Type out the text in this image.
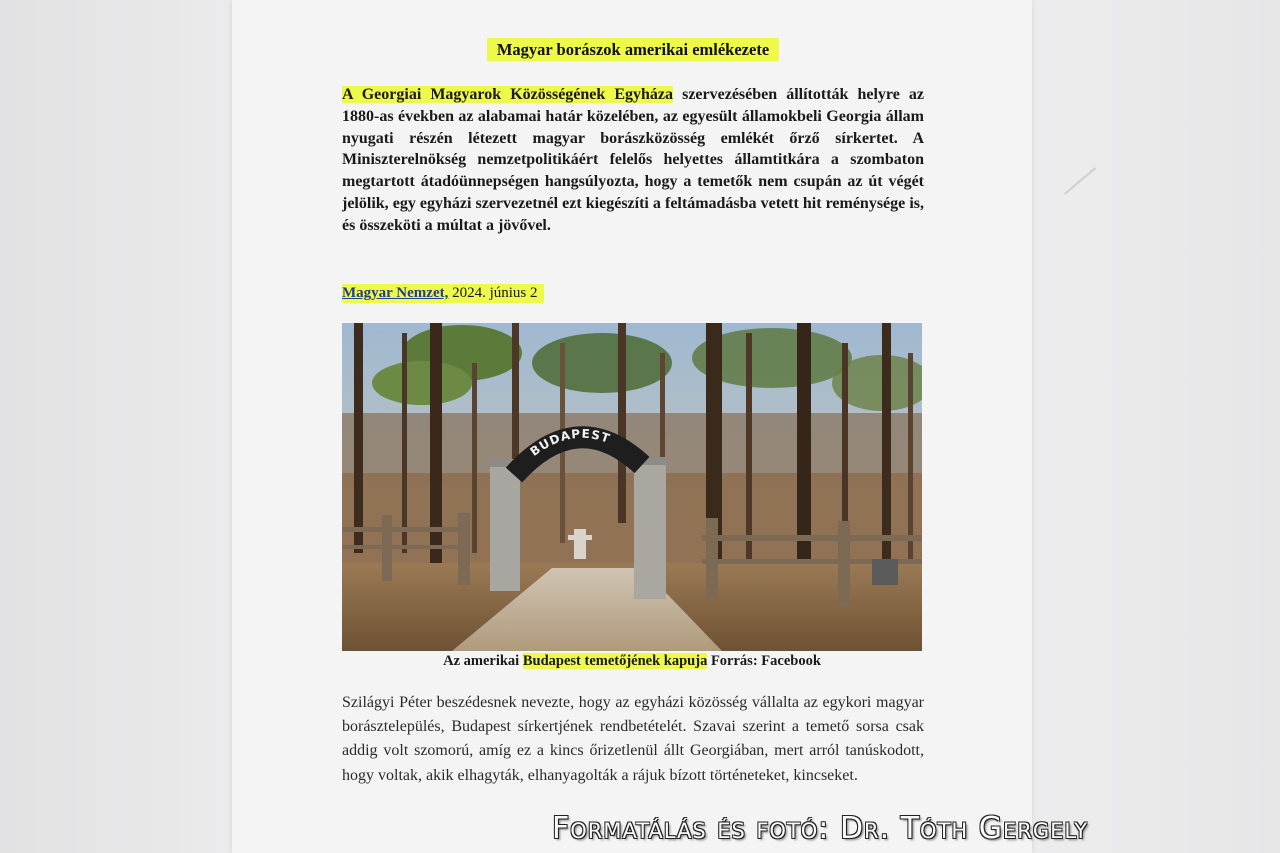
Magyar borászok amerikai emlékezete

A Georgiai Magyarok Közösségének Egyháza szervezésében állították helyre az 1880-as években az alabamai határ közelében, az egyesült államokbeli Georgia állam nyugati részén létezett magyar borászközösség emlékét őrző sírkertet. A Miniszterelnökség nemzetpolitikáért felelős helyettes államtitkára a szombaton megtartott átadóünnepségen hangsúlyozta, hogy a temetők nem csupán az út végét jelölik, egy egyházi szervezetnél ezt kiegészíti a feltámadásba vetett hit reménysége is, és összeköti a múltat a jövővel.

Magyar Nemzet, 2024. június 2
BUDAPEST
Az amerikai Budapest temetőjének kapuja Forrás: Facebook

Szilágyi Péter beszédesnek nevezte, hogy az egyházi közösség vállalta az egykori magyar borásztelepülés, Budapest sírkertjének rendbetételét. Szavai szerint a temető sorsa csak addig volt szomorú, amíg ez a kincs őrizetlenül állt Georgiában, mert arról tanúskodott, hogy voltak, akik elhagyták, elhanyagolták a rájuk bízott történeteket, kincseket.

Formatálás és fotó: Dr. Tóth Gergely
